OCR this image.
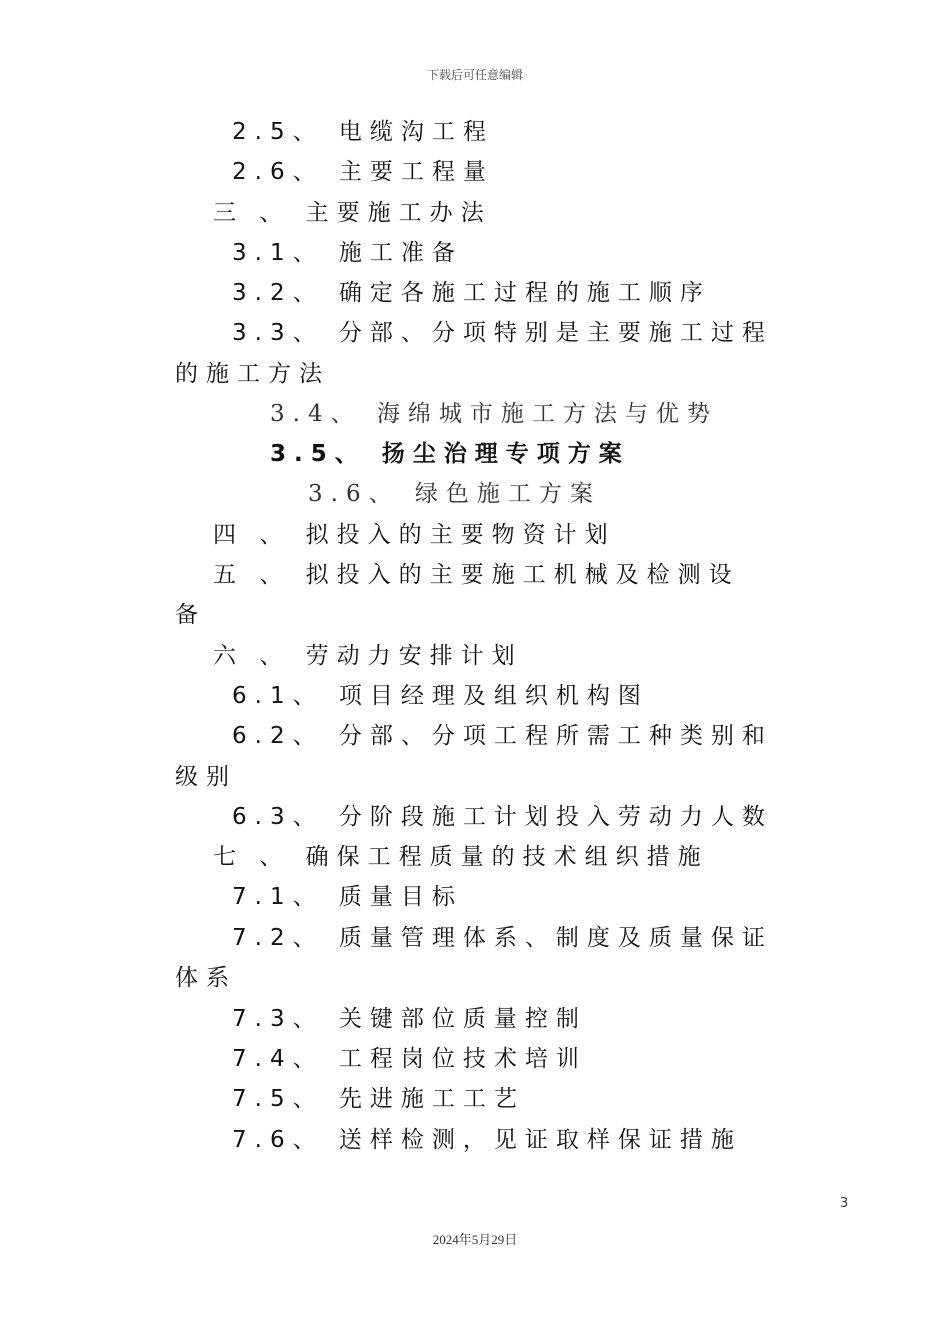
下载后可任意编辑
2.5、 电缆沟工程
2.6、 主要工程量
三 、 主要施工办法
3.1、 施工准备
3.2、 确定各施工过程的施工顺序
3.3、 分部、分项特别是主要施工过程
的施工方法
3.4、 海绵城市施工方法与优势
3.5、 扬尘治理专项方案
3.6、 绿色施工方案
四 、 拟投入的主要物资计划
五 、 拟投入的主要施工机械及检测设
备
六 、 劳动力安排计划
6.1、 项目经理及组织机构图
6.2、 分部、分项工程所需工种类别和
级别
6.3、 分阶段施工计划投入劳动力人数
七 、 确保工程质量的技术组织措施
7.1、 质量目标
7.2、 质量管理体系、制度及质量保证
体系
7.3、 关键部位质量控制
7.4、 工程岗位技术培训
7.5、 先进施工工艺
7.6、 送样检测，见证取样保证措施
3
2024年5月29日
